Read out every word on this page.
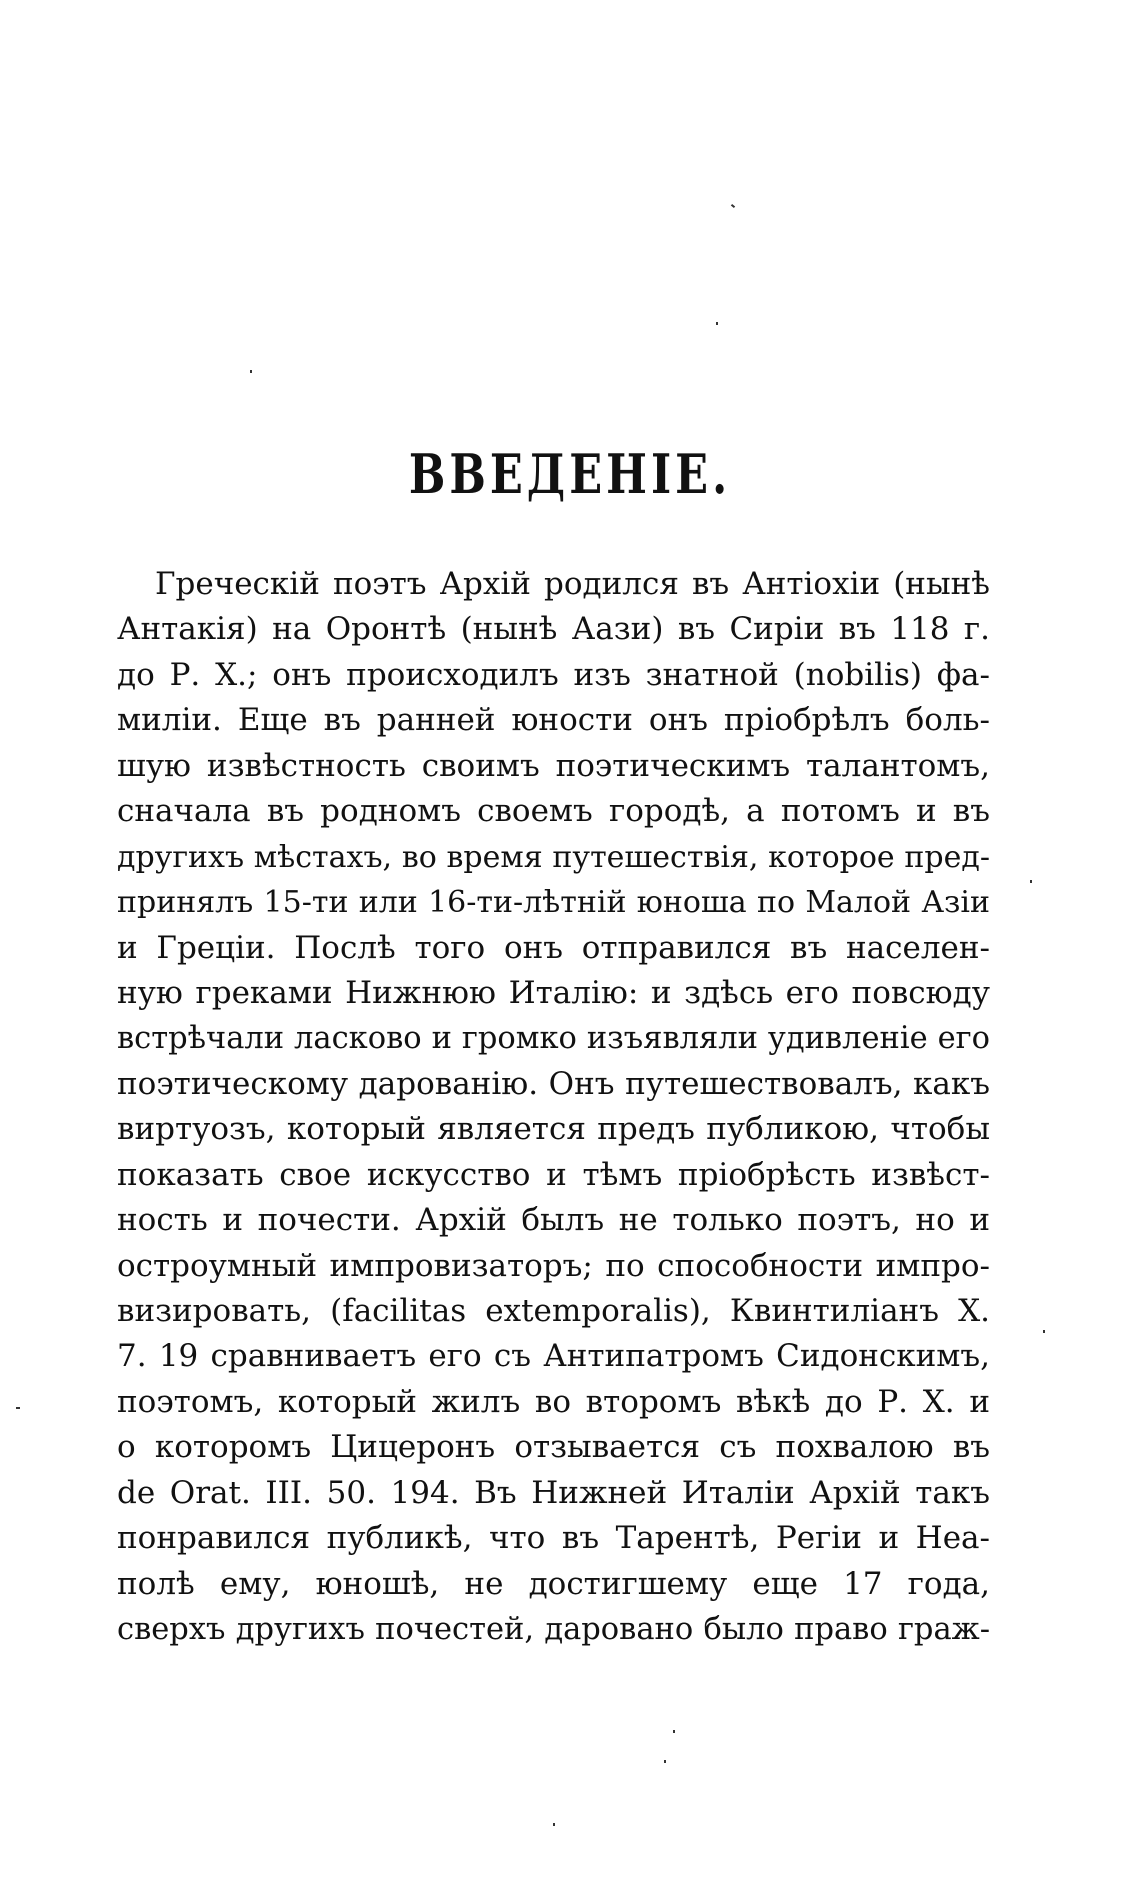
ВВЕДЕНІЕ.
Греческій поэтъ Архій родился въ Антіохіи (нынѣ
Антакія) на Оронтѣ (нынѣ Аази) въ Сиріи въ 118 г.
до Р. Х.; онъ происходилъ изъ знатной (nobilis) фа-
миліи. Еще въ ранней юности онъ пріобрѣлъ боль-
шую извѣстность своимъ поэтическимъ талантомъ,
сначала въ родномъ своемъ городѣ, а потомъ и въ
другихъ мѣстахъ, во время путешествія, которое пред-
принялъ 15-ти или 16-ти-лѣтній юноша по Малой Азіи
и Греціи. Послѣ того онъ отправился въ населен-
ную греками Нижнюю Италію: и здѣсь его повсюду
встрѣчали ласково и громко изъявляли удивленіе его
поэтическому дарованію. Онъ путешествовалъ, какъ
виртуозъ, который является предъ публикою, чтобы
показать свое искусство и тѣмъ пріобрѣсть извѣст-
ность и почести. Архій былъ не только поэтъ, но и
остроумный импровизаторъ; по способности импро-
визировать, (facilitas extemporalis), Квинтиліанъ Х.
7. 19 сравниваетъ его съ Антипатромъ Сидонскимъ,
поэтомъ, который жилъ во второмъ вѣкѣ до Р. Х. и
о которомъ Цицеронъ отзывается съ похвалою въ
de Orat. III. 50. 194. Въ Нижней Италіи Архій такъ
понравился публикѣ, что въ Тарентѣ, Регіи и Неа-
полѣ ему, юношѣ, не достигшему еще 17 года,
сверхъ другихъ почестей, даровано было право граж-
